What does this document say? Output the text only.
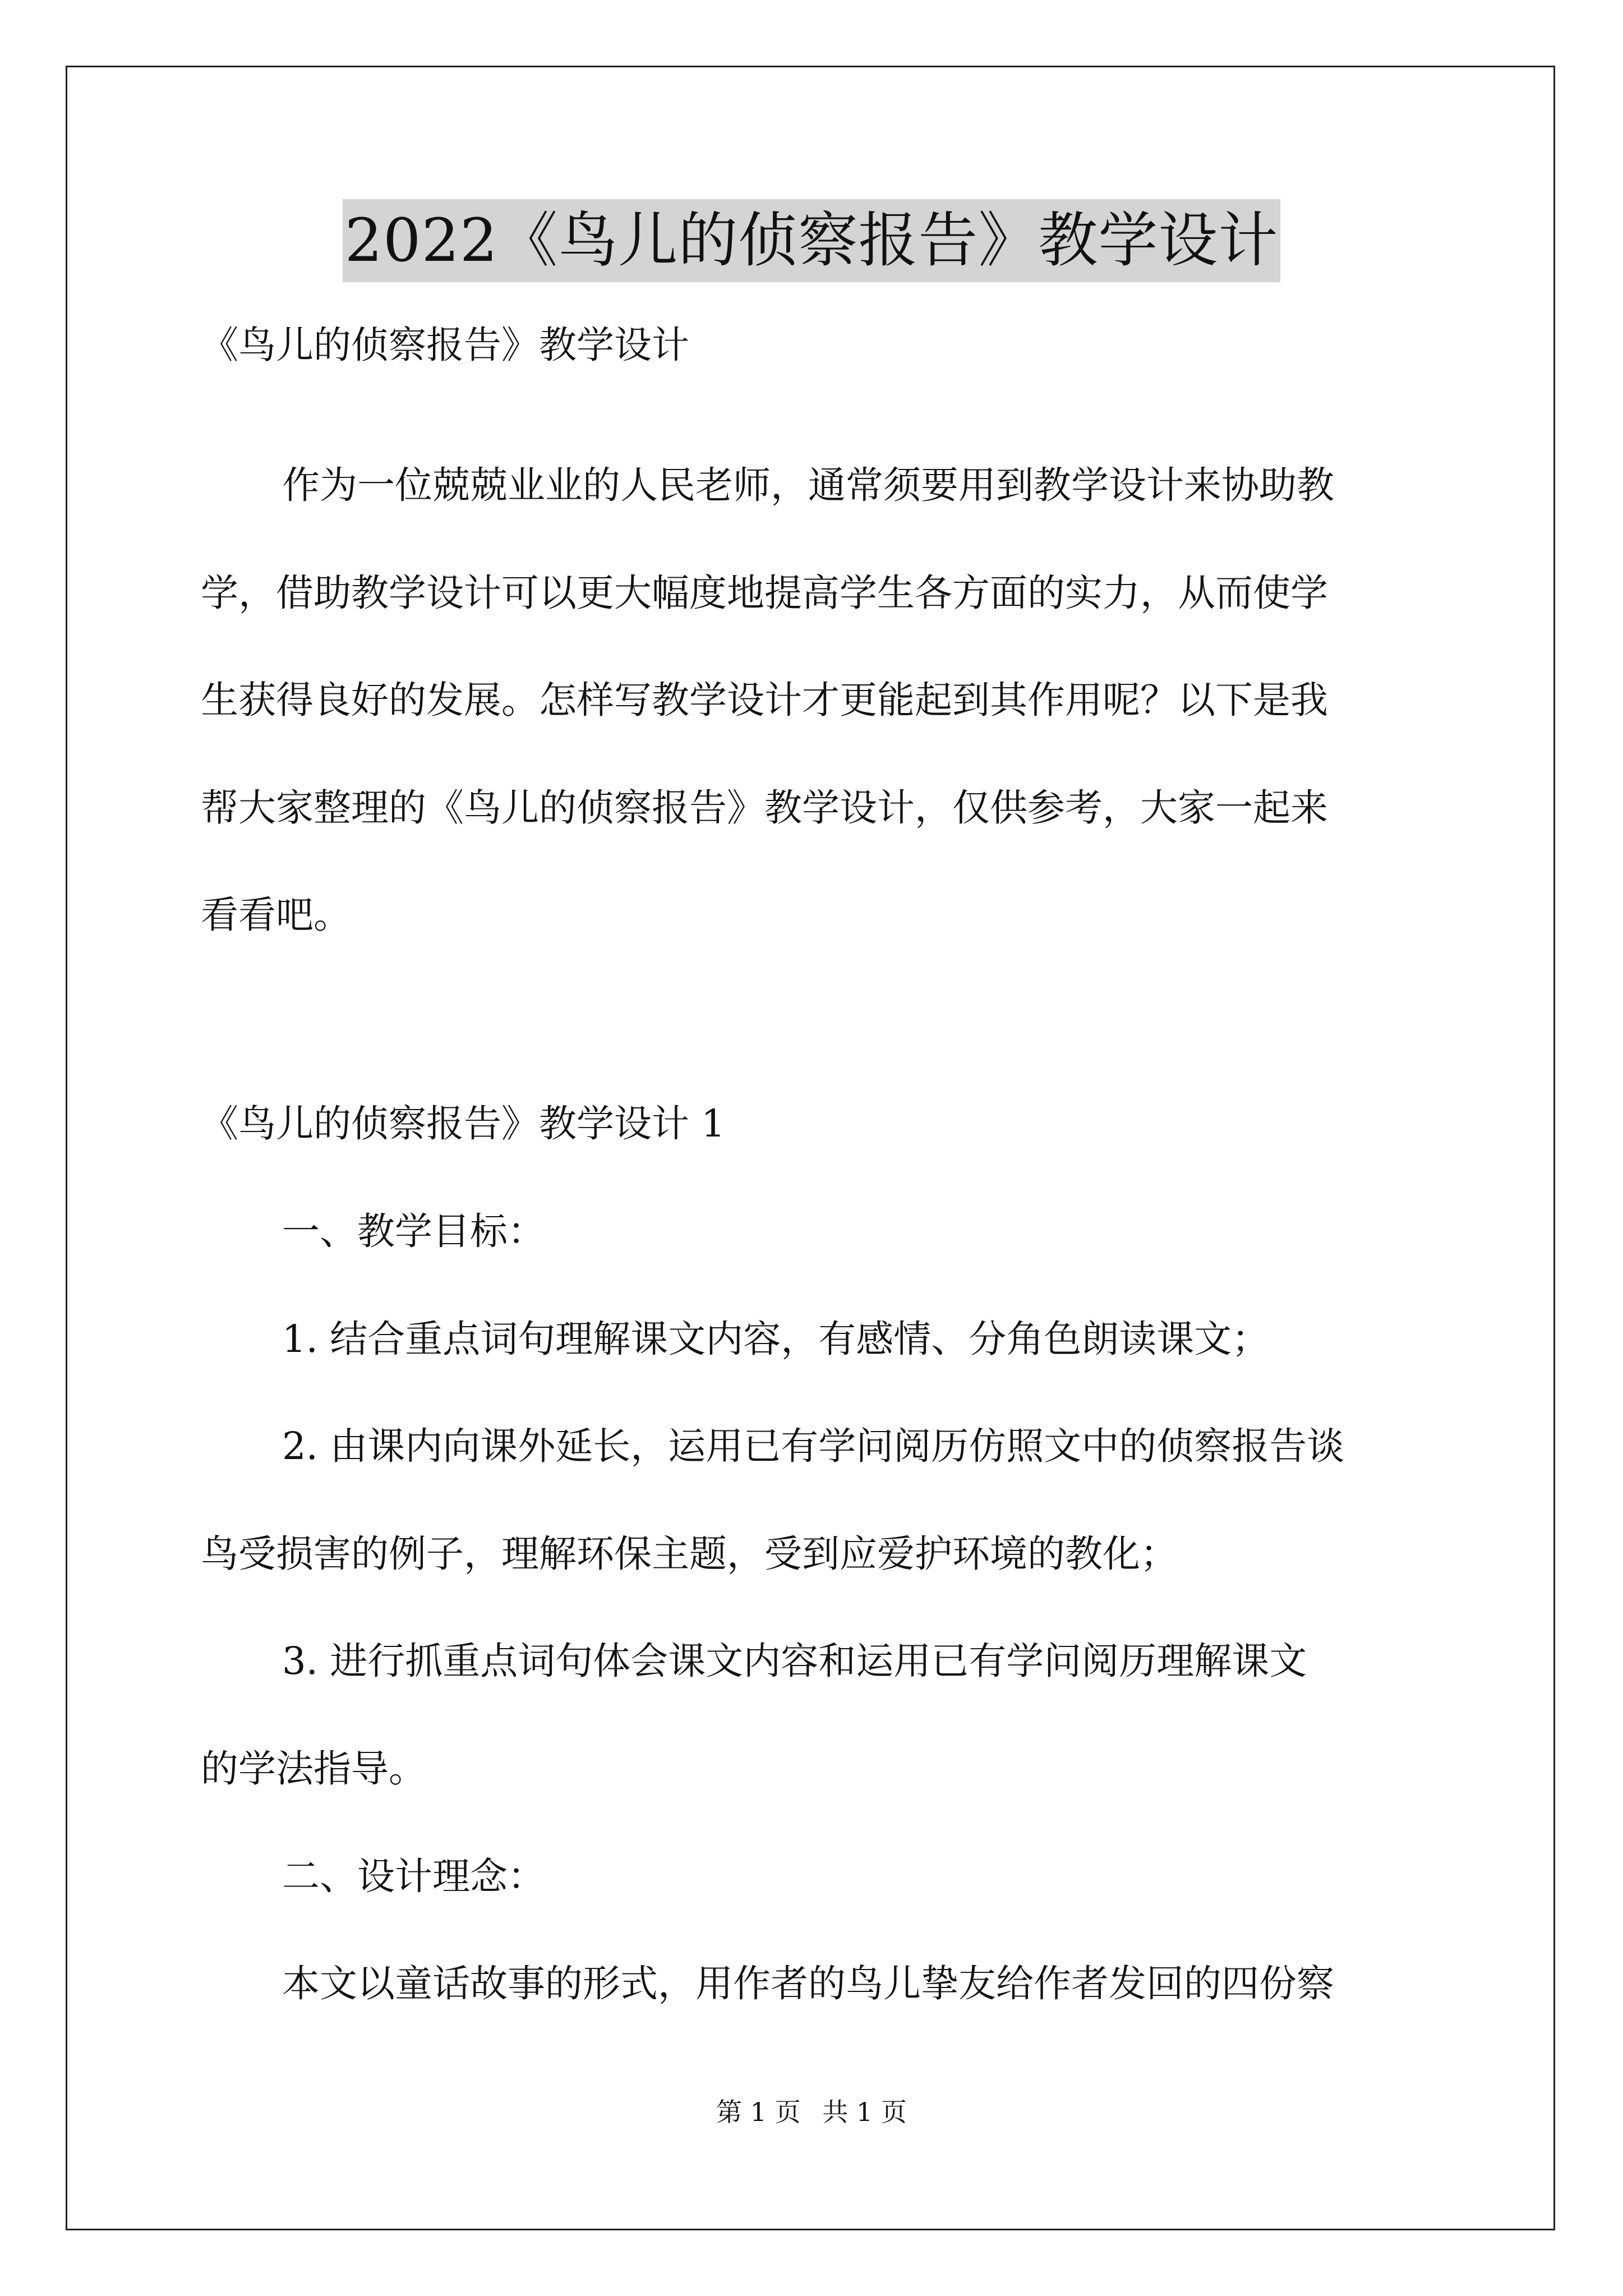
2022《鸟儿的侦察报告》教学设计
《鸟儿的侦察报告》教学设计
作为一位兢兢业业的人民老师，通常须要用到教学设计来协助教
学，借助教学设计可以更大幅度地提高学生各方面的实力，从而使学
生获得良好的发展。怎样写教学设计才更能起到其作用呢？以下是我
帮大家整理的《鸟儿的侦察报告》教学设计，仅供参考，大家一起来
看看吧。
《鸟儿的侦察报告》教学设计 1
一、教学目标：
1. 结合重点词句理解课文内容，有感情、分角色朗读课文；
2. 由课内向课外延长，运用已有学问阅历仿照文中的侦察报告谈
鸟受损害的例子，理解环保主题，受到应爱护环境的教化；
3. 进行抓重点词句体会课文内容和运用已有学问阅历理解课文
的学法指导。
二、设计理念：
本文以童话故事的形式，用作者的鸟儿挚友给作者发回的四份察
第 1 页 共 1 页
